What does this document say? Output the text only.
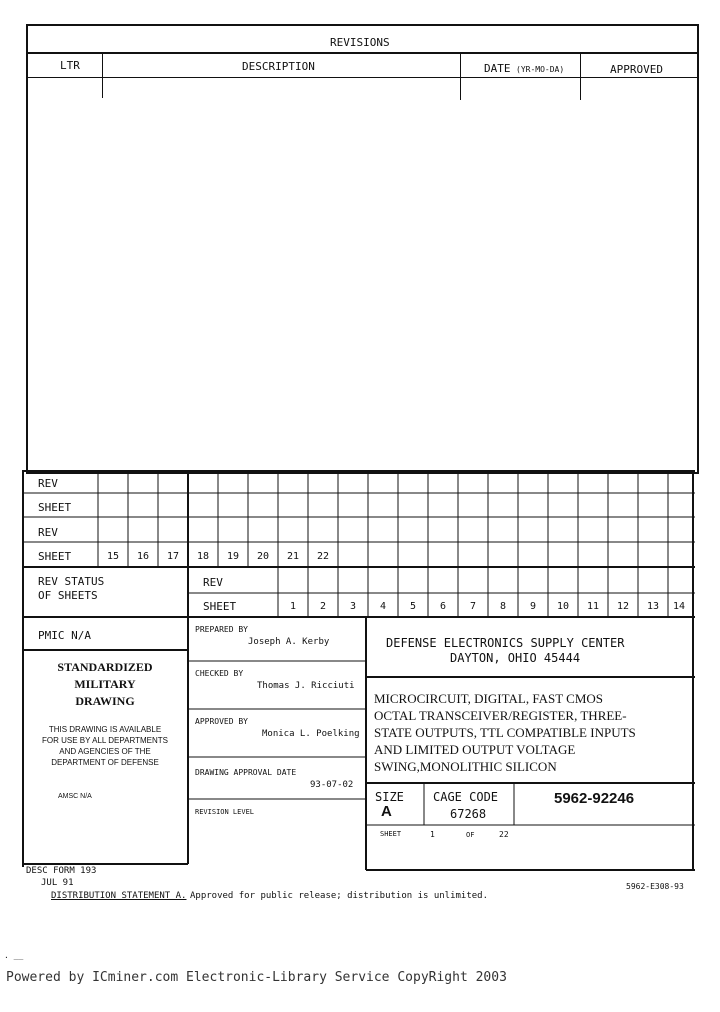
REVISIONS
LTR	DESCRIPTION	DATE (YR-MO-DA)	APPROVED
REV
SHEET
REV
SHEET	15	16	17	18	19	20	21	22
REV STATUS
OF SHEETS
REV
SHEET	1	2	3	4	5	6	7	8	9	10	11	12	13	14
PMIC N/A
STANDARDIZED
MILITARY
DRAWING
THIS DRAWING IS AVAILABLE
FOR USE BY ALL DEPARTMENTS
AND AGENCIES OF THE
DEPARTMENT OF DEFENSE
AMSC N/A
PREPARED BY
Joseph A. Kerby
CHECKED BY
Thomas J. Ricciuti
APPROVED BY
Monica L. Poelking
DRAWING APPROVAL DATE
93-07-02
REVISION LEVEL
DEFENSE ELECTRONICS SUPPLY CENTER
DAYTON, OHIO 45444
MICROCIRCUIT, DIGITAL, FAST CMOS
OCTAL TRANSCEIVER/REGISTER, THREE-
STATE OUTPUTS, TTL COMPATIBLE INPUTS
AND LIMITED OUTPUT VOLTAGE
SWING,MONOLITHIC SILICON
SIZE
A
CAGE CODE
67268
5962-92246
SHEET	1	OF	22
DESC FORM 193
JUL 91
DISTRIBUTION STATEMENT A. Approved for public release; distribution is unlimited.
5962-E308-93
. __
Powered by ICminer.com Electronic-Library Service CopyRight 2003
